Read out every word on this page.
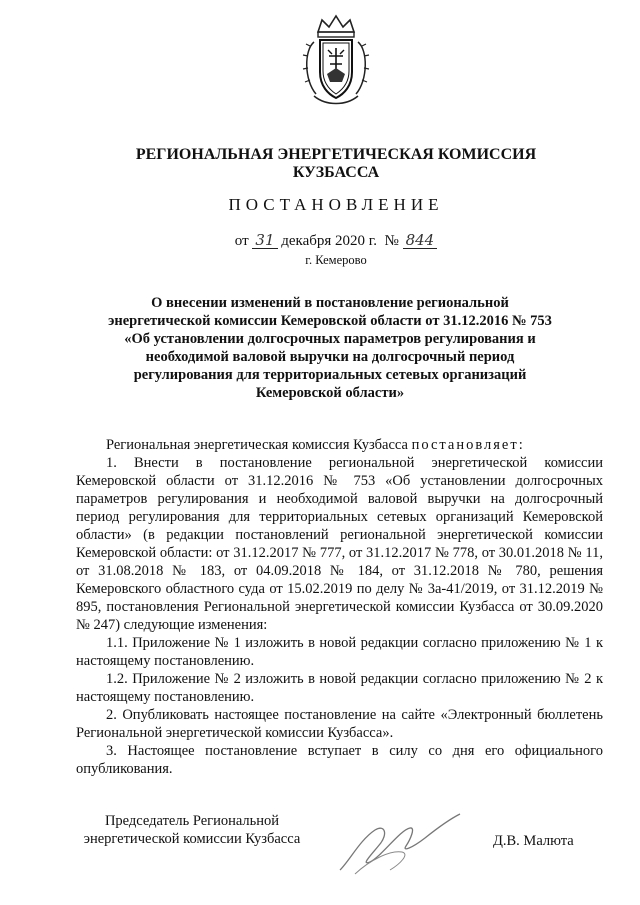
РЕГИОНАЛЬНАЯ ЭНЕРГЕТИЧЕСКАЯ КОМИССИЯ
КУЗБАССА
ПОСТАНОВЛЕНИЕ
от 31 декабря 2020 г. № 844
г. Кемерово
О внесении изменений в постановление региональной
энергетической комиссии Кемеровской области от 31.12.2016 № 753
«Об установлении долгосрочных параметров регулирования и
необходимой валовой выручки на долгосрочный период
регулирования для территориальных сетевых организаций
Кемеровской области»

Региональная энергетическая комиссия Кузбасса постановляет:

1. Внести в постановление региональной энергетической комиссии Кемеровской области от 31.12.2016 № 753 «Об установлении долгосрочных параметров регулирования и необходимой валовой выручки на долгосрочный период регулирования для территориальных сетевых организаций Кемеровской области» (в редакции постановлений региональной энергетической комиссии Кемеровской области: от 31.12.2017 № 777, от 31.12.2017 № 778, от 30.01.2018 № 11, от 31.08.2018 № 183, от 04.09.2018 № 184, от 31.12.2018 № 780, решения Кемеровского областного суда от 15.02.2019 по делу № 3а-41/2019, от 31.12.2019 № 895, постановления Региональной энергетической комиссии Кузбасса от 30.09.2020 № 247) следующие изменения:

1.1. Приложение № 1 изложить в новой редакции согласно приложению № 1 к настоящему постановлению.

1.2. Приложение № 2 изложить в новой редакции согласно приложению № 2 к настоящему постановлению.

2. Опубликовать настоящее постановление на сайте «Электронный бюллетень Региональной энергетической комиссии Кузбасса».

3. Настоящее постановление вступает в силу со дня его официального опубликования.

Председатель Региональной
энергетической комиссии Кузбасса	Д.В. Малюта
